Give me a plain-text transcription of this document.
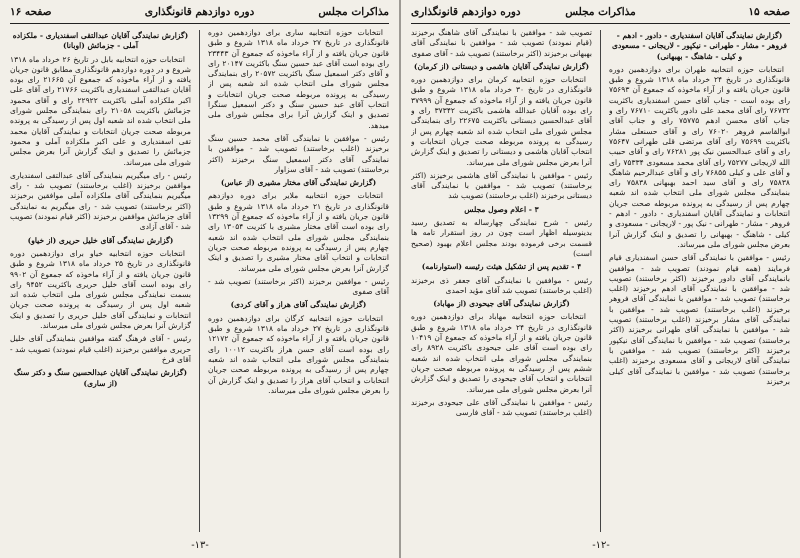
صفحه ۱۶	دوره دوازدهم قانونگذاری	مذاکرات مجلس

انتخابات حوزه انتخابیه ساری برای دوازدهمین دوره قانونگذاری در تاریخ ۲۷ خرداد ماه ۱۳۱۸ شروع و طبق قانون جریان یافته و از آراء ماخوذه که جمعوع آن ۲۳۴۴۳ رای بوده است آقای عبد حسین سنگ باکثریت ۲۰۱۴۷ رای و آقای دکتر اسمعیل سنگ باکثریت ۲۰۵۷۲ رای بنمایندگی مجلس شورای ملی انتخاب شده اند شعبه پس از رسیدگی به پرونده مربوطه صحت جریان انتخابات و انتخاب آقای عبد حسین سنگ و دکتر اسمعیل سنگرا تصدیق و اینک گزارش آنرا برای مجلس شورای ملی میدهد.

رئیس - موافقین با نمایندگی آقای محمد حسین سنگ برخیزند (اغلب برخاستند) تصویب شد - موافقین با نمایندگی آقای دکتر اسمعیل سنگ برخیزند (اکثر برخاستند) تصویب شد - آقای سزاوار

(گزارش نمایندگی آقای مختار مشیری (از عباس)

انتخابات حوزه انتخابیه ملایر برای دوره دوازدهم قانونگذاری در تاریخ ۲۱ خرداد ماه ۱۳۱۸ شروع و طبق قانون جریان یافته و از آراء ماخوذه که جمعوع آن ۱۳۲۹۹ رای بوده است آقای مختار مشیری با کثریت ۱۳۰۵۴ رای بنمایندگی مجلس شورای ملی انتخاب شده اند شعبه چهارم پس از رسیدگی به پرونده مربوطه صحت جریان انتخابات و انتخاب آقای مختار مشیری را تصدیق و اینک گزارش آنرا بعرض مجلس شورای ملی میرساند.

رئیس - موافقین برخیزند (اکثر برخاستند) تصویب شد - آقای صفوی

(گزارش نمایندگی آقای هراز و آقای کردی)

انتخابات حوزه انتخابیه کرگان برای دوازدهمین دوره قانونگذاری در تاریخ ۲۷ خرداد ماه ۱۳۱۸ شروع و طبق قانون جریان یافته و از آراء ماخوذه که جمعوع آن ۱۲۱۷۲ رای بوده است آقای حسن هراز باکثریت ۱۰۰۱۲ رای بنمایندگی مجلس شورای ملی انتخاب شده اند شعبه چهارم پس از رسیدگی به پرونده مربوطه صحت جریان انتخابات و انتخاب آقای هراز را تصدیق و اینک گزارش آن را بعرض مجلس شورای ملی میرساند.

(گزارش نمایندگی آقایان عبدالتقی اسفندیاری - ملکزاده آملی - جزمائش (اوبانا)

انتخابات حوزه انتخابیه بابل در تاریخ ۲۶ خرداد ماه ۱۳۱۸ شروع و در دوره دوازدهم قانونگذاری مطابق قانون جریان یافته و از آراء ماخوذه که جمعوع آن ۲۱۶۶۵ رای بوده آقایان عبدالتقی اسفندیاری باکثریت ۲۱۷۶۶ رای آقای علی اکبر ملکزاده آملی باکثریت ۲۲۹۲۲ رای و آقای محمود جزمائش باکثریت ۲۱۰۵۸ رای بنمایندگی مجلس شورای ملی انتخاب شده اند شعبه اول پس از رسیدگی به پرونده مربوطه صحت جریان انتخابات و نمایندگی آقایان محمد تقی اسفندیاری و علی اکبر ملکزاده آملی و محمود جزمائش را تصدیق و اینک گزارش آنرا بعرض مجلس شورای ملی میرساند.

رئیس - رای میگیریم بنمایندگی آقای عبدالتقی اسفندیاری موافقین برخیزند (اغلب برخاستند) تصویب شد - رای میگیریم بنمایندگی آقای ملکزاده آملی موافقین برخیزند (اکثر برخاستند) تصویب شد - رای میگیریم به نمایندگی آقای جزمائش موافقین برخیزند (اکثر قیام نمودند) تصویب شد - آقای آزادی

(گزارش نمایندگی آقای خلیل حریری (از خیاو)

انتخابات حوزه انتخابیه خیاو برای دوازدهمین دوره قانونگذاری در تاریخ ۲۵ خرداد ماه ۱۳۱۸ شروع و طبق قانون جریان یافته و از آراء ماخوذه که جمعوع آن ۹۹۰۲ رای بوده است آقای خلیل حریری باکثریت ۹۴۵۲ رای بسمت نمایندگی مجلس شورای ملی انتخاب شده اند شعبه اول پس از رسیدگی به پرونده صحت جریان انتخابات و نمایندگی آقای خلیل حریری را تصدیق و اینک گزارش آنرا بعرض مجلس شورای ملی میرساند.

رئیس - آقای فرهنگ گفته موافقین بنمایندگی آقای خلیل حریری موافقین برخیزند (اغلب قیام نمودند) تصویب شد - آقای فرخ

(گزارش نمایندگی آقایان عبدالحسین سنگ و دکتر سنگ (از ساری)

-۱۳-
صفحه ۱۵
مذاکرات مجلس
دوره دوازدهم قانونگذاری

(گزارش نمایندگی آقایان اسفندیاری - دادور - ادهم - فروهر - مشار - طهرانی - نیکپور - لاریجانی - مسعودی و کیلی - شاهنگ - بهبهانی)

انتخابات حوزه انتخابیه طهران برای دوازدهمین دوره قانونگذاری در تاریخ ۲۴ خرداد ماه ۱۳۱۸ شروع و طبق قانون جریان یافته و از آراء ماخوذه که جمعوع آن ۷۵۶۹۳ رای بوده است - جناب آقای حسن اسفندیاری باکثریت ۷۶۷۳۲ رای آقای محمد علی دادور باکثریت ۷۶۷۱۰ رای و جناب آقای محسن ادهم ۷۵۷۷۵ رای و جناب آقای ابوالقاسم فروهر ۷۶۰۲۰ رای و آقای حسنعلی مشار باکثریت ۷۵۶۹۹ رای آقای مرتضی قلی طهرانی ۷۵۶۴۷ رای و آقای عبدالحسین نیک پور ۷۶۲۸۱ رای و آقای حبیب الله لاریجانی ۷۵۲۷۷ رای آقای محمد مسعودی ۷۵۳۳۴ رای و آقای علی و کیلی ۷۶۸۵۵ رای و آقای عبدالرحیم شاهنگ ۷۵۸۳۸ رای و آقای سید احمد بهبهانی ۷۵۸۳۸ رای بنمایندگی مجلس شورای ملی انتخاب شده اند شعبه چهارم پس از رسیدگی به پرونده مربوطه صحت جریان انتخابات و نمایندگی آقایان اسفندیاری - دادور - ادهم - فروهر - مشار - طهرانی - نیک پور - لاریجانی - مسعودی و کیلی - شاهنگ - بهبهانی را تصدیق و اینک گزارش آنرا بعرض مجلس شورای ملی میرساند.

رئیس - موافقین با نمایندگی آقای حسن اسفندیاری قیام فرمایند (همه قیام نمودند) تصویب شد - موافقین بانمایندگی آقای دادور برخیزند (اکثر برخاستند) تصویب شد - موافقین با نمایندگی آقای ادهم برخیزند (اغلب برخاستند) تصویب شد - موافقین با نمایندگی آقای فروهر برخیزند (اغلب برخاستند) تصویب شد - موافقین با نمایندگی آقای مشار برخیزند (اغلب برخاستند) تصویب شد - موافقین با نمایندگی آقای طهرانی برخیزند (اکثر برخاستند) تصویب شد - موافقین با نمایندگی آقای نیکپور برخیزند (اکثر برخاستند) تصویب شد - موافقین با نمایندگی آقای لاریجانی و آقای مسعودی برخیزند (اغلب برخاستند) تصویب شد - موافقین با نمایندگی آقای کیلی برخیزند

تصویب شد - موافقین با نمایندگی آقای شاهنگ برخیزند (قیام نمودند) تصویب شد - موافقین با نمایندگی آقای بهبهانی برخیزند (اکثر برخاستند) تصویب شد - آقای صفوی

(گزارش نمایندگی آقایان هاشمی و دیستانی (از کرمان)

انتخابات حوزه انتخابیه کرمان برای دوازدهمین دوره قانونگذاری در تاریخ ۳۰ خرداد ماه ۱۳۱۸ شروع و طبق قانون جریان یافته و از آراء ماخوذه که جمعوع آن ۳۷۹۹۹ رای بوده آقایان عبدالله هاشمی باکثریت ۳۷۳۴۲ رای و آقای عبدالحسین دیستانی باکثریت ۲۲۶۷۵ رای بنمایندگی مجلس شورای ملی انتخاب شده اند شعبه چهارم پس از رسیدگی به پرونده مربوطه صحت جریان انتخابات و انتخاب آقایان هاشمی و دیستانی را تصدیق و اینک گزارش آنرا بعرض مجلس شورای ملی میرساند.

رئیس - موافقین با نمایندگی آقای هاشمی برخیزند (اکثر برخاستند) تصویب شد - موافقین با نمایندگی آقای دیستانی برخیزند (اغلب برخاستند) تصویب شد

۳ - اعلام وصول مجلس

رئیس - شرح نمایندگی چهارساله به تصدیق رسید بدینوسیله اظهار است چون در روز استقرار تامه ها قسمت برخی فرموده بودند مجلس اعلام بهبود (صحیح است)

۴ - تقدیم پس از تشکیل هیئت رئیسه (استوارنامه)

رئیس - موافقین با نمایندگی آقای جعفر ذی برخیزند (اغلب برخاستند) تصویب شد آقای مؤید احمدی

(گزارش نمایندگی آقای جیحودی (از مهاباد)

انتخابات حوزه انتخابیه مهاباد برای دوازدهمین دوره قانونگذاری در تاریخ ۲۴ خرداد ماه ۱۳۱۸ شروع و طبق قانون جریان یافته و از آراء ماخوذه که جمعوع آن ۱۰۴۱۹ رای بوده است آقای علی جیحودی باکثریت ۸۹۲۸ رای بنمایندگی مجلس شورای ملی انتخاب شده اند شعبه ششم پس از رسیدگی به پرونده مربوطه صحت جریان انتخابات و انتخاب آقای جیحودی را تصدیق و اینک گزارش آنرا بعرض مجلس شورای ملی میرساند.

رئیس - موافقین با نمایندگی آقای علی جیحودی برخیزند (اغلب برخاستند) تصویب شد - آقای فارسی

-۱۲-
